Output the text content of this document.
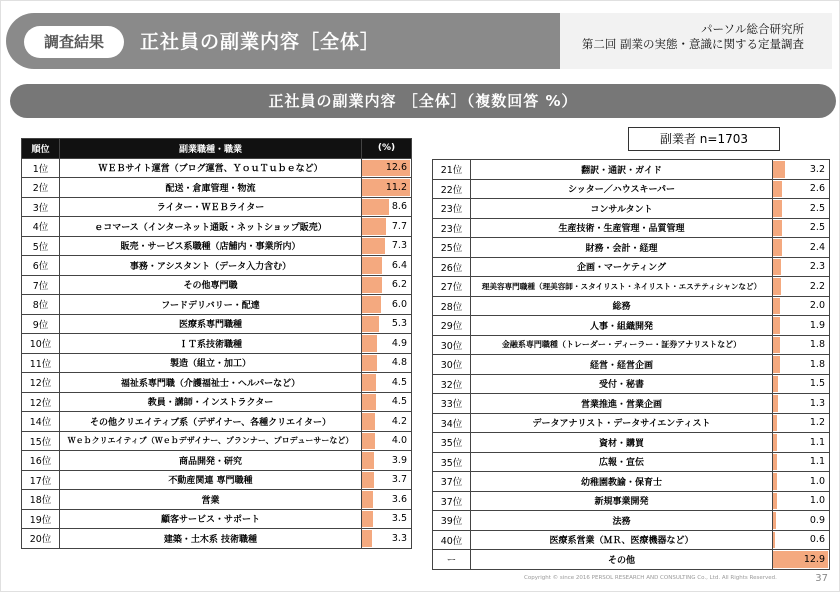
調査結果	正社員の副業内容［全体］
パーソル総合研究所
第二回 副業の実態・意識に関する定量調査
正社員の副業内容 ［全体］（複数回答 %）
副業者 n=1703
順位	副業職種・職業	(%)
1位	ＷＥＢサイト運営（ブログ運営、ＹｏｕＴｕｂｅなど）	12.6
2位	配送・倉庫管理・物流	11.2
3位	ライター・ＷＥＢライター	8.6
4位	ｅコマース（インターネット通販・ネットショップ販売）	7.7
5位	販売・サービス系職種（店舗内・事業所内）	7.3
6位	事務・アシスタント（データ入力含む）	6.4
7位	その他専門職	6.2
8位	フードデリバリー・配達	6.0
9位	医療系専門職種	5.3
10位	ＩＴ系技術職種	4.9
11位	製造（組立・加工）	4.8
12位	福祉系専門職（介護福祉士・ヘルパーなど）	4.5
12位	教員・講師・インストラクター	4.5
14位	その他クリエイティブ系（デザイナー、各種クリエイター）	4.2
15位	Ｗｅｂクリエイティブ（Ｗｅｂデザイナー、プランナー、プロデューサーなど）	4.0
16位	商品開発・研究	3.9
17位	不動産関連 専門職種	3.7
18位	営業	3.6
19位	顧客サービス・サポート	3.5
20位	建築・土木系 技術職種	3.3
21位	翻訳・通訳・ガイド	3.2
22位	シッター／ハウスキーパー	2.6
23位	コンサルタント	2.5
23位	生産技術・生産管理・品質管理	2.5
25位	財務・会計・経理	2.4
26位	企画・マーケティング	2.3
27位	理美容専門職種（理美容師・スタイリスト・ネイリスト・エステティシャンなど）	2.2
28位	総務	2.0
29位	人事・組織開発	1.9
30位	金融系専門職種（トレーダー・ディーラー・証券アナリストなど）	1.8
30位	経営・経営企画	1.8
32位	受付・秘書	1.5
33位	営業推進・営業企画	1.3
34位	データアナリスト・データサイエンティスト	1.2
35位	資材・購買	1.1
35位	広報・宣伝	1.1
37位	幼稚園教諭・保育士	1.0
37位	新規事業開発	1.0
39位	法務	0.9
40位	医療系営業（ＭＲ、医療機器など）	0.6
ー	その他	12.9
Copyright © since 2016 PERSOL RESEARCH AND CONSULTING Co., Ltd. All Rights Reserved.	37
